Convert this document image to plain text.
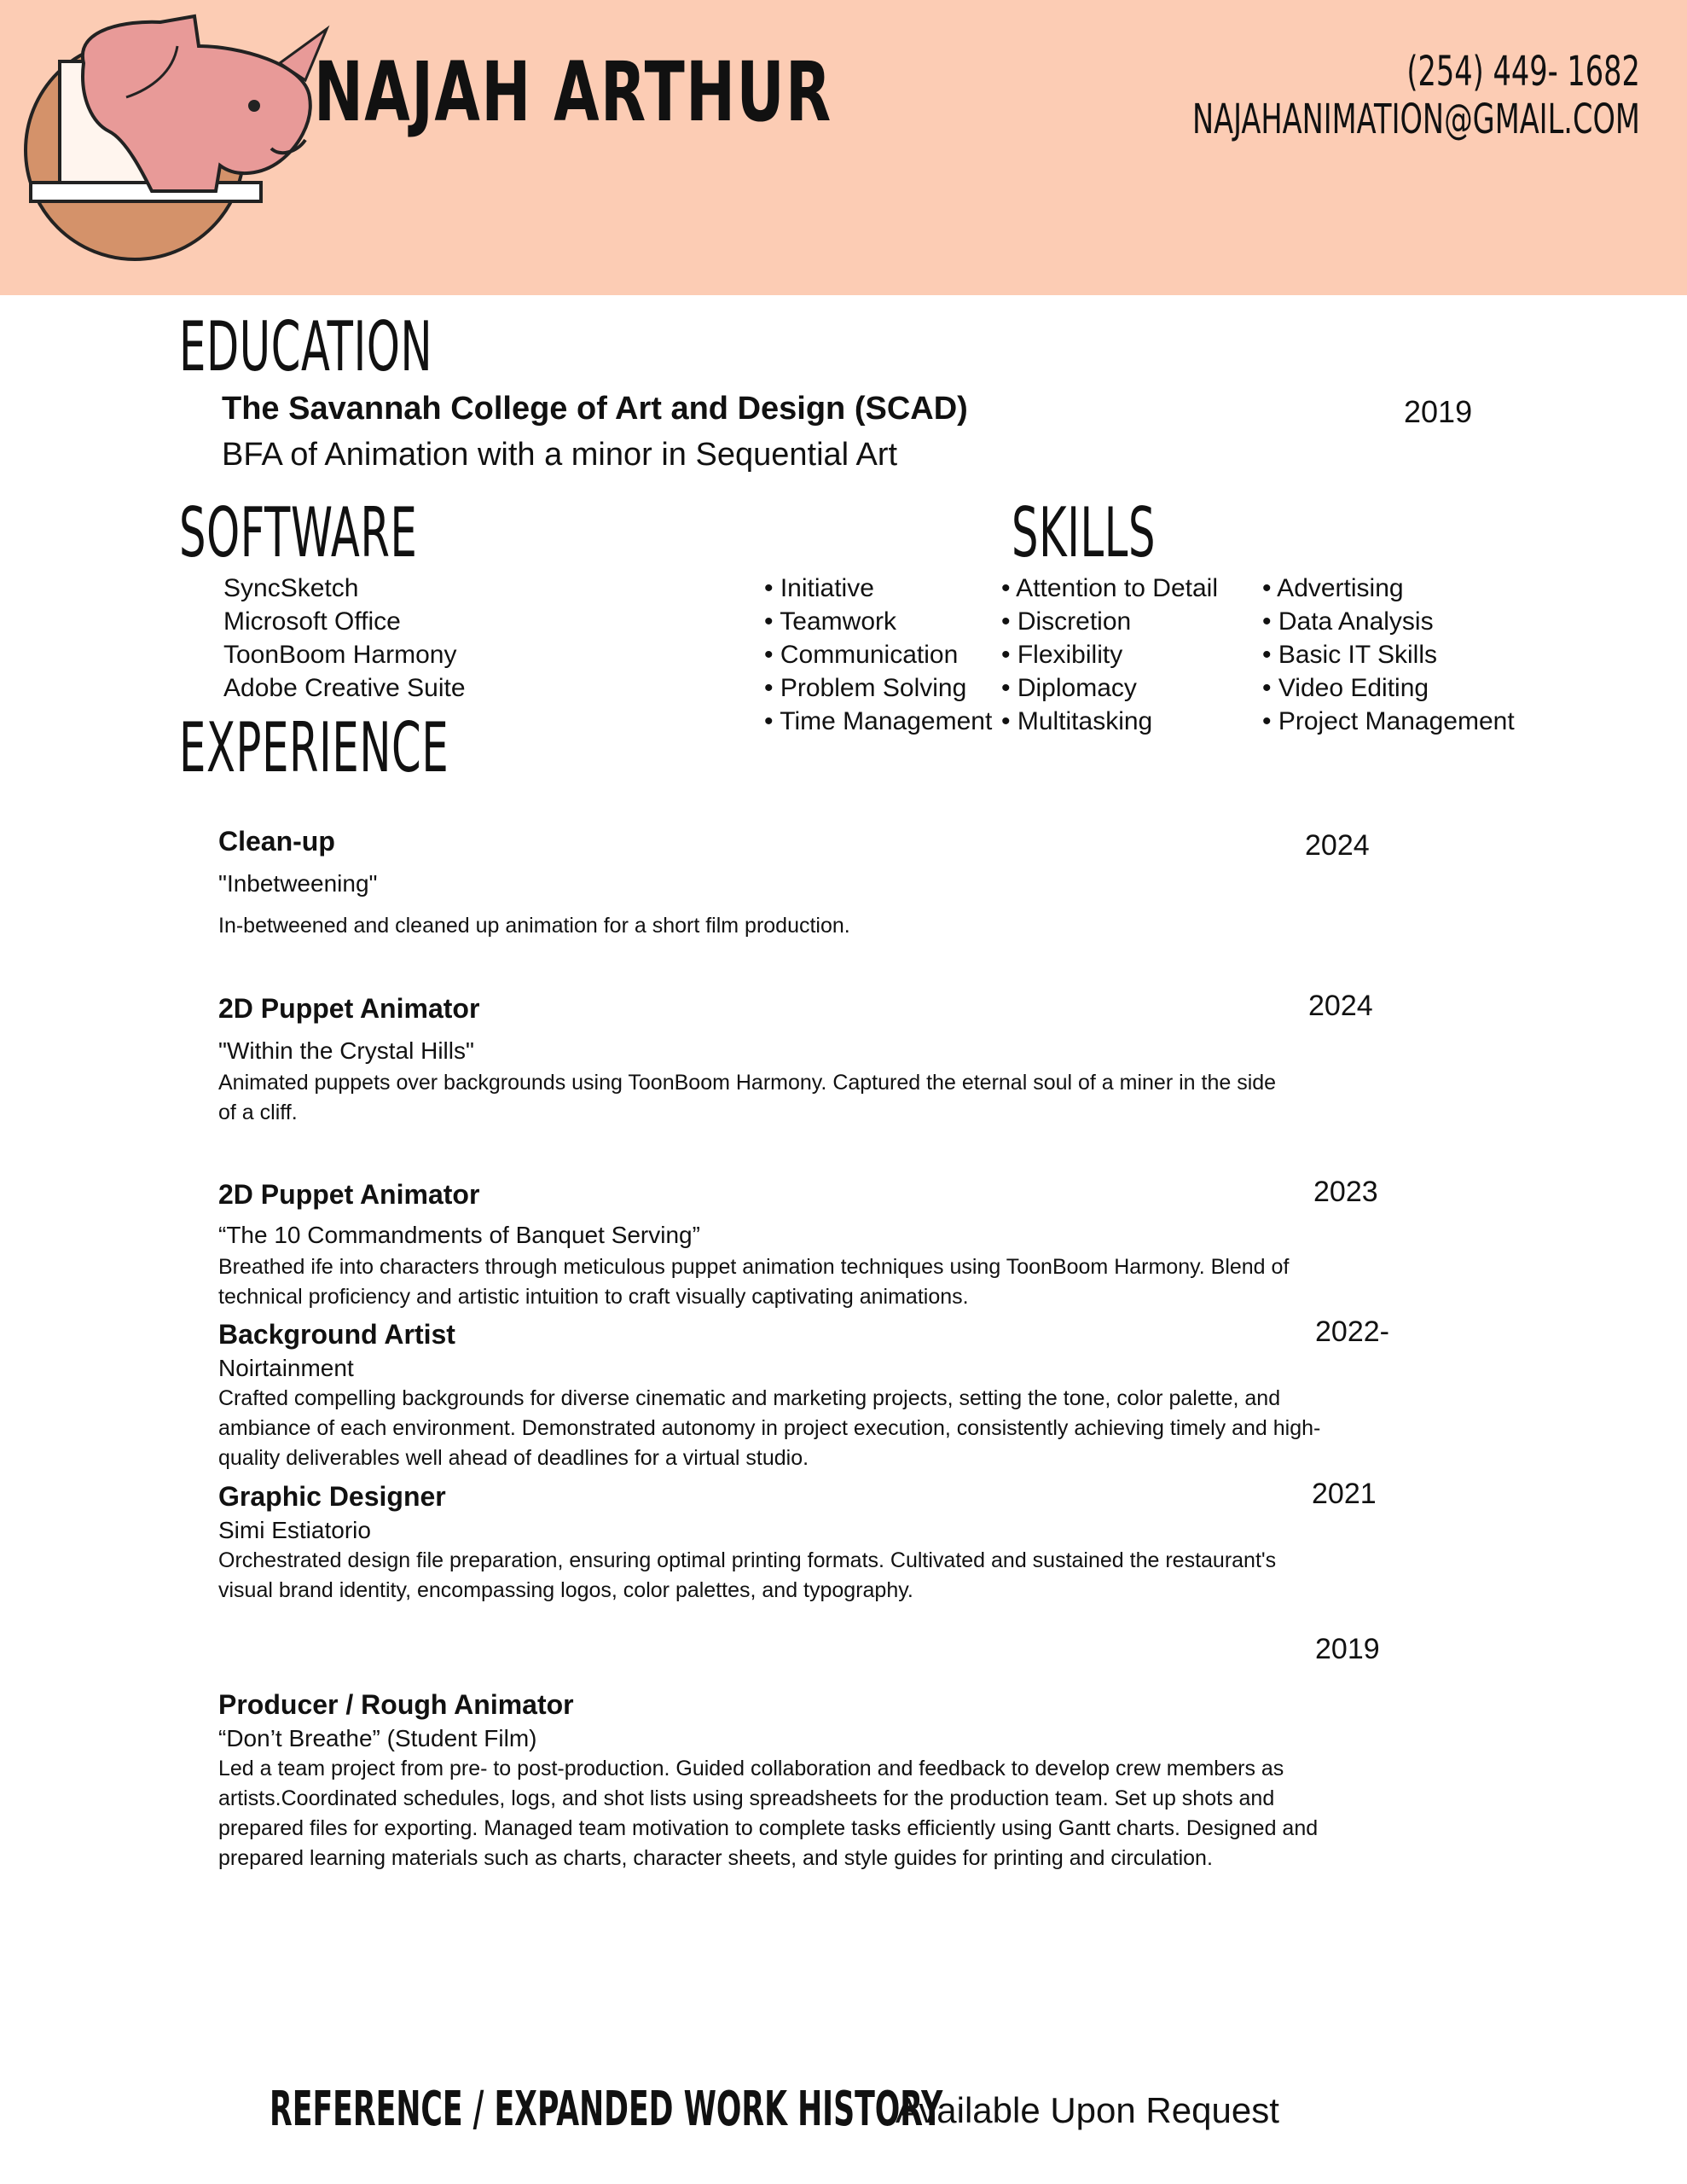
NAJAH ARTHUR	(254) 449- 1682
NAJAHANIMATION@GMAIL.COM
EDUCATION
The Savannah College of Art and Design (SCAD)
BFA of Animation with a minor in Sequential Art
2019
SOFTWARE
SyncSketch
Microsoft Office
ToonBoom Harmony
Adobe Creative Suite
SKILLS
• Initiative
• Teamwork
• Communication
• Problem Solving
• Time Management
• Attention to Detail
• Discretion
• Flexibility
• Diplomacy
• Multitasking
• Advertising
• Data Analysis
• Basic IT Skills
• Video Editing
• Project Management
EXPERIENCE
Clean-up
"Inbetweening"
In-betweened and cleaned up animation for a short film production.
2024
2D Puppet Animator
"Within the Crystal Hills"
Animated puppets over backgrounds using ToonBoom Harmony. Captured the eternal soul of a miner in the side of a cliff.
2024
2D Puppet Animator
“The 10 Commandments of Banquet Serving”
Breathed ife into characters through meticulous puppet animation techniques using ToonBoom Harmony. Blend of technical proficiency and artistic intuition to craft visually captivating animations.
2023
Background Artist
Noirtainment
Crafted compelling backgrounds for diverse cinematic and marketing projects, setting the tone, color palette, and ambiance of each environment. Demonstrated autonomy in project execution, consistently achieving timely and high-quality deliverables well ahead of deadlines for a virtual studio.
2022-
Graphic Designer
Simi Estiatorio
Orchestrated design file preparation, ensuring optimal printing formats. Cultivated and sustained the restaurant's visual brand identity, encompassing logos, color palettes, and typography.
2021
2019
Producer / Rough Animator
“Don’t Breathe” (Student Film)
Led a team project from pre- to post-production. Guided collaboration and feedback to develop crew members as artists.Coordinated schedules, logs, and shot lists using spreadsheets for the production team. Set up shots and prepared files for exporting. Managed team motivation to complete tasks efficiently using Gantt charts. Designed and prepared learning materials such as charts, character sheets, and style guides for printing and circulation.
REFERENCE / EXPANDED WORK HISTORY
Available Upon Request
